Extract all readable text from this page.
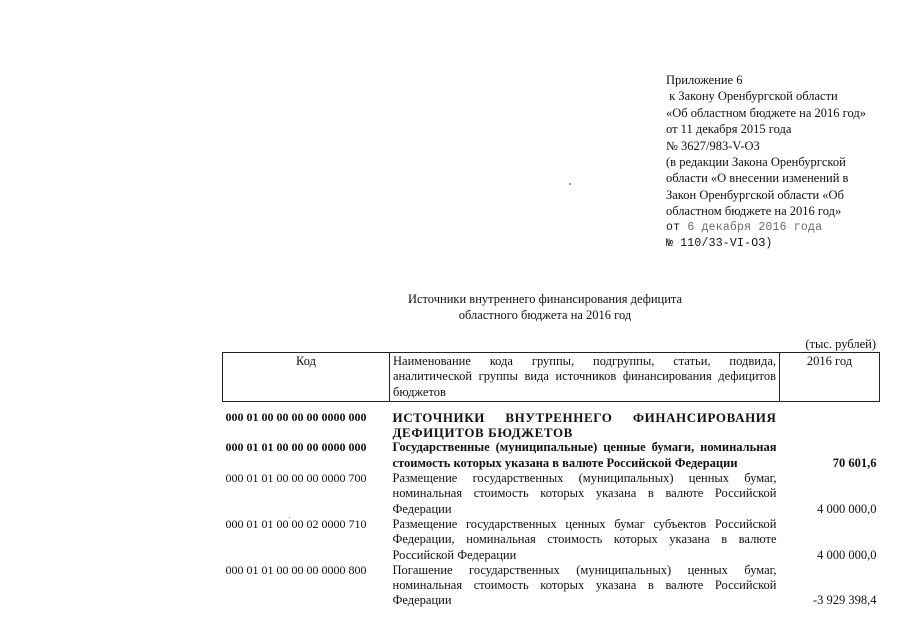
Приложение 6
к Закону Оренбургской области
«Об областном бюджете на 2016 год»
от 11 декабря 2015 года
№ 3627/983-V-ОЗ
(в редакции Закона Оренбургской
области «О внесении изменений в
Закон Оренбургской области «Об
областном бюджете на 2016 год»
от 6 декабря 2016 года
№ 110/33-VI-ОЗ)
Источники внутреннего финансирования дефицита
областного бюджета на 2016 год
(тыс. рублей)
Код	Наименование кода группы, подгруппы, статьи, подвида, аналитической группы вида источников финансирования дефицитов бюджетов	2016 год
000 01 00 00 00 00 0000 000	ИСТОЧНИКИ ВНУТРЕННЕГО ФИНАНСИРОВАНИЯ ДЕФИЦИТОВ БЮДЖЕТОВ	
000 01 01 00 00 00 0000 000	Государственные (муниципальные) ценные бумаги, номинальная стоимость которых указана в валюте Российской Федерации	70 601,6
000 01 01 00 00 00 0000 700	Размещение государственных (муниципальных) ценных бумаг, номинальная стоимость которых указана в валюте Российской Федерации	4 000 000,0
000 01 01 00 00 02 0000 710	Размещение государственных ценных бумаг субъектов Российской Федерации, номинальная стоимость которых указана в валюте Российской Федерации	4 000 000,0
000 01 01 00 00 00 0000 800	Погашение государственных (муниципальных) ценных бумаг, номинальная стоимость которых указана в валюте Российской Федерации	-3 929 398,4
